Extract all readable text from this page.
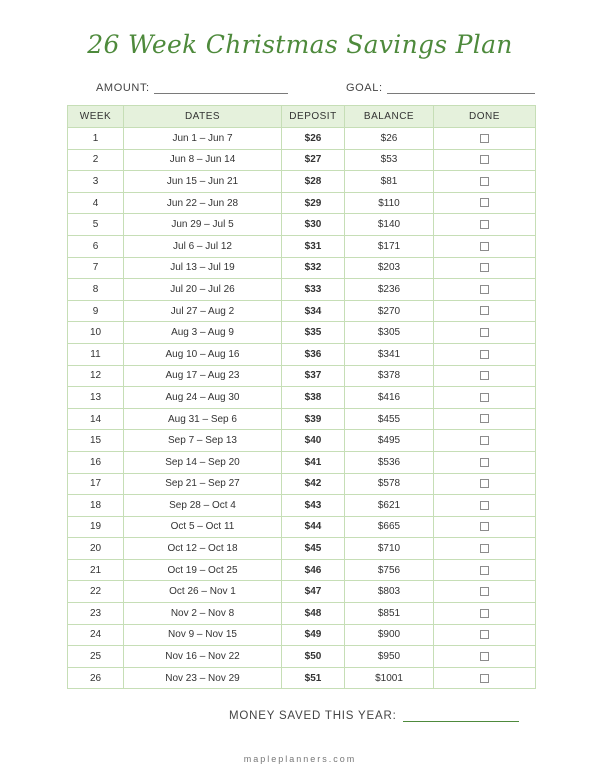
26 Week Christmas Savings Plan
AMOUNT:	GOAL:
WEEK	DATES	DEPOSIT	BALANCE	DONE
1	Jun 1 – Jun 7	$26	$26	
2	Jun 8 – Jun 14	$27	$53	
3	Jun 15 – Jun 21	$28	$81	
4	Jun 22 – Jun 28	$29	$110	
5	Jun 29 – Jul 5	$30	$140	
6	Jul 6 – Jul 12	$31	$171	
7	Jul 13 – Jul 19	$32	$203	
8	Jul 20 – Jul 26	$33	$236	
9	Jul 27 – Aug 2	$34	$270	
10	Aug 3 – Aug 9	$35	$305	
11	Aug 10 – Aug 16	$36	$341	
12	Aug 17 – Aug 23	$37	$378	
13	Aug 24 – Aug 30	$38	$416	
14	Aug 31 – Sep 6	$39	$455	
15	Sep 7 – Sep 13	$40	$495	
16	Sep 14 – Sep 20	$41	$536	
17	Sep 21 – Sep 27	$42	$578	
18	Sep 28 – Oct 4	$43	$621	
19	Oct 5 – Oct 11	$44	$665	
20	Oct 12 – Oct 18	$45	$710	
21	Oct 19 – Oct 25	$46	$756	
22	Oct 26 – Nov 1	$47	$803	
23	Nov 2 – Nov 8	$48	$851	
24	Nov 9 – Nov 15	$49	$900	
25	Nov 16 – Nov 22	$50	$950	
26	Nov 23 – Nov 29	$51	$1001	
MONEY SAVED THIS YEAR:
mapleplanners.com
